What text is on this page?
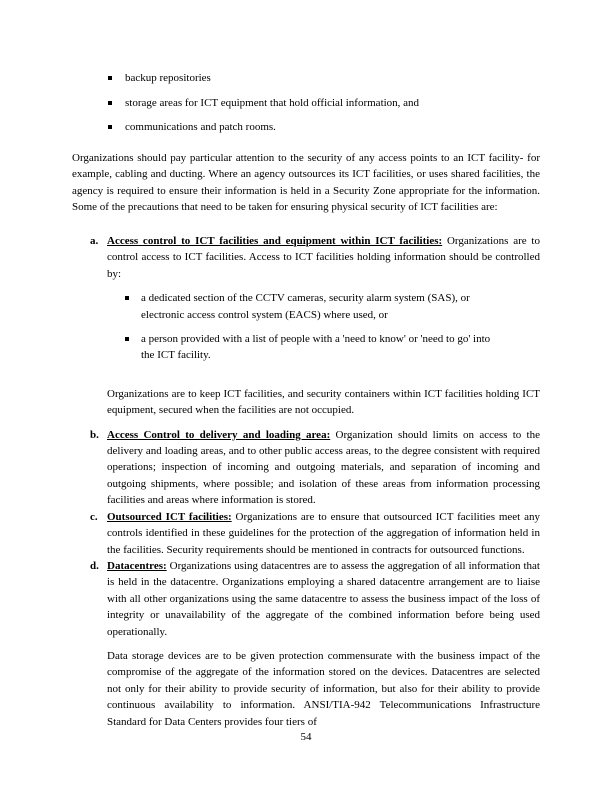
backup repositories
storage areas for ICT equipment that hold official information, and
communications and patch rooms.

Organizations should pay particular attention to the security of any access points to an ICT facility- for example, cabling and ducting. Where an agency outsources its ICT facilities, or uses shared facilities, the agency is required to ensure their information is held in a Security Zone appropriate for the information. Some of the precautions that need to be taken for ensuring physical security of ICT facilities are:

a. Access control to ICT facilities and equipment within ICT facilities: Organizations are to control access to ICT facilities. Access to ICT facilities holding information should be controlled by:
a dedicated section of the CCTV cameras, security alarm system (SAS), or electronic access control system (EACS) where used, or
a person provided with a list of people with a 'need to know' or 'need to go' into the ICT facility.
Organizations are to keep ICT facilities, and security containers within ICT facilities holding ICT equipment, secured when the facilities are not occupied.
b. Access Control to delivery and loading area: Organization should limits on access to the delivery and loading areas, and to other public access areas, to the degree consistent with required operations; inspection of incoming and outgoing materials, and separation of incoming and outgoing shipments, where possible; and isolation of these areas from information processing facilities and areas where information is stored.
c. Outsourced ICT facilities: Organizations are to ensure that outsourced ICT facilities meet any controls identified in these guidelines for the protection of the aggregation of information held in the facilities. Security requirements should be mentioned in contracts for outsourced functions.
d. Datacentres: Organizations using datacentres are to assess the aggregation of all information that is held in the datacentre. Organizations employing a shared datacentre arrangement are to liaise with all other organizations using the same datacentre to assess the business impact of the loss of integrity or unavailability of the aggregate of the combined information before being used operationally.
Data storage devices are to be given protection commensurate with the business impact of the compromise of the aggregate of the information stored on the devices. Datacentres are selected not only for their ability to provide security of information, but also for their ability to provide continuous availability to information. ANSI/TIA-942 Telecommunications Infrastructure Standard for Data Centers provides four tiers of
54
